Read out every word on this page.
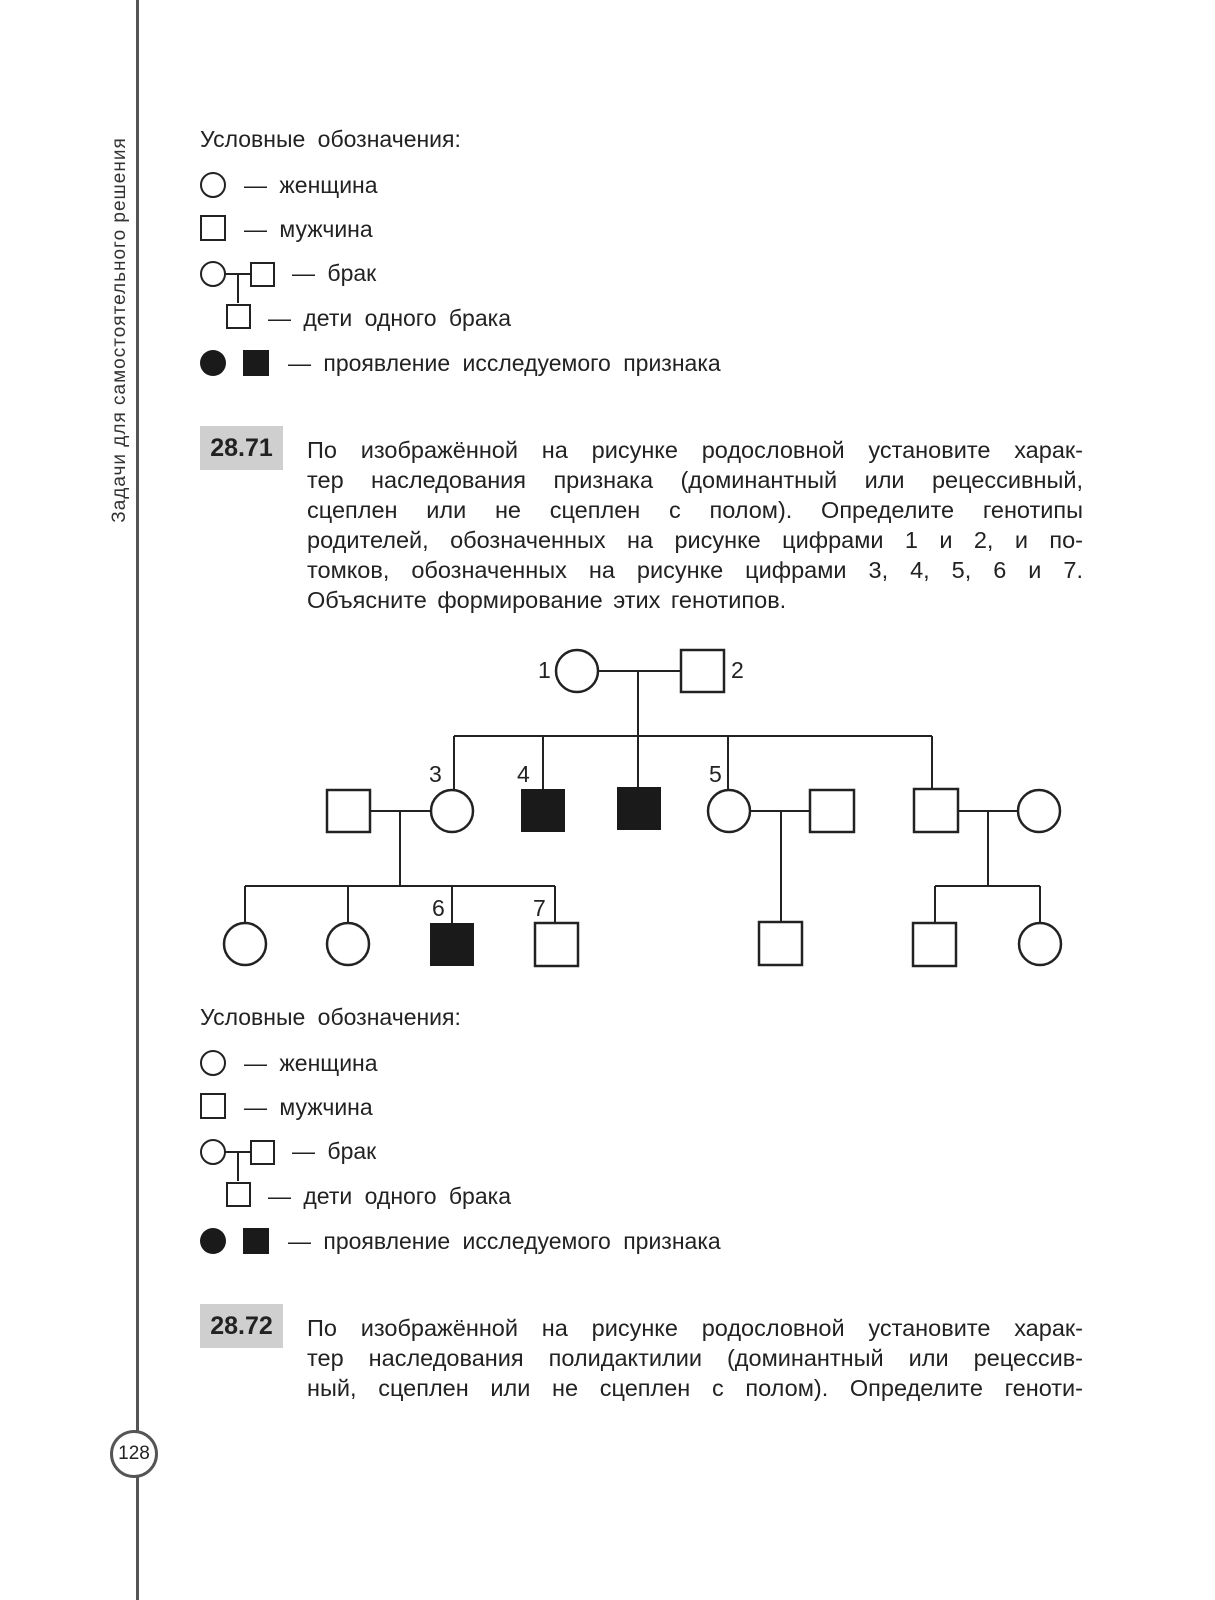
Задачи для самостоятельного решения
128
Условные обозначения:
— женщина
— мужчина
— брак
— дети одного брака
— проявление исследуемого признака
28.71	По изображённой на рисунке родословной установите харак-
тер наследования признака (доминантный или рецессивный,
сцеплен или не сцеплен с полом). Определите генотипы
родителей, обозначенных на рисунке цифрами 1 и 2, и по-
томков, обозначенных на рисунке цифрами 3, 4, 5, 6 и 7.
Объясните формирование этих генотипов.
1	2
3	4	5
6	7
Условные обозначения:
— женщина
— мужчина
— брак
— дети одного брака
— проявление исследуемого признака
28.72	По изображённой на рисунке родословной установите харак-
тер наследования полидактилии (доминантный или рецессив-
ный, сцеплен или не сцеплен с полом). Определите геноти-
